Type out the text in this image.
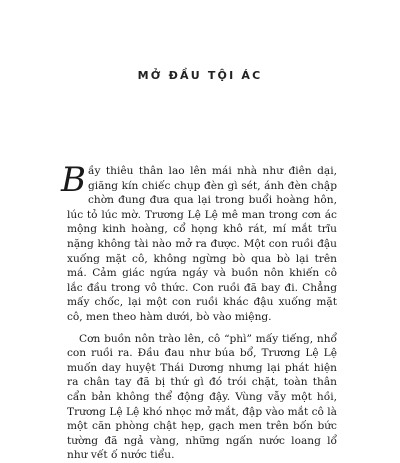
MỞ ĐẦU TỘI ÁC

Bầy thiêu thân lao lên mái nhà như điên dại, giăng kín chiếc chụp đèn gì sét, ánh đèn chập chờn đung đưa qua lại trong buổi hoàng hôn, lúc tỏ lúc mờ. Trương Lệ Lệ mê man trong cơn ác mộng kinh hoàng, cổ họng khô rát, mí mắt trĩu nặng không tài nào mở ra được. Một con ruồi đậu xuống mặt cô, không ngừng bò qua bò lại trên má. Cảm giác ngứa ngáy và buồn nôn khiến cô lắc đầu trong vô thức. Con ruồi đã bay đi. Chẳng mấy chốc, lại một con ruồi khác đậu xuống mặt cô, men theo hàm dưới, bò vào miệng.

Cơn buồn nôn trào lên, cô “phì” mấy tiếng, nhổ con ruồi ra. Đầu đau như búa bổ, Trương Lệ Lệ muốn day huyệt Thái Dương nhưng lại phát hiện ra chân tay đã bị thứ gì đó trói chặt, toàn thân cẩn bản không thể động đậy. Vùng vẫy một hồi, Trương Lệ Lệ khó nhọc mở mắt, đập vào mắt cô là một căn phòng chật hẹp, gạch men trên bốn bức tường đã ngả vàng, những ngấn nước loang lổ như vết ố nước tiểu.
